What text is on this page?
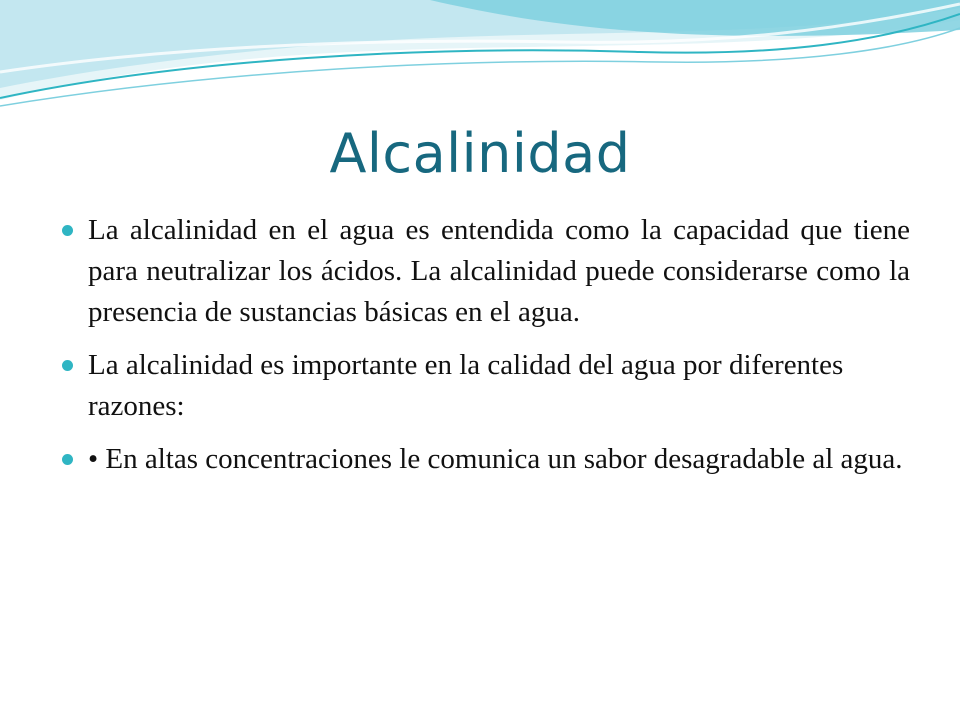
Alcalinidad
La alcalinidad en el agua es entendida como la capacidad que tiene para neutralizar los ácidos. La alcalinidad puede considerarse como la presencia de sustancias básicas en el agua.
La alcalinidad es importante en la calidad del agua por diferentes razones:
• En altas concentraciones le comunica un sabor desagradable al agua.
